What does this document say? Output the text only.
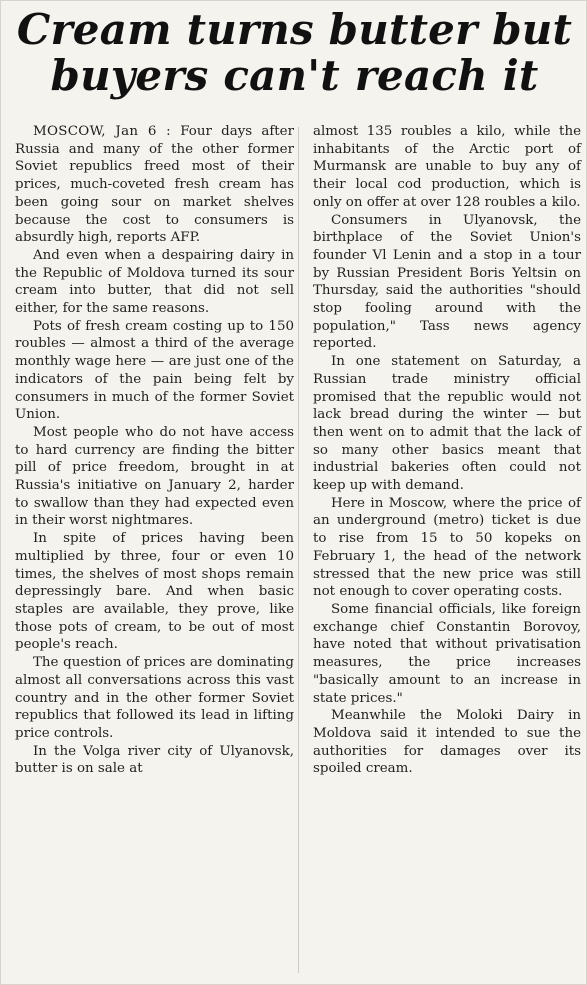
Cream turns butter but
buyers can't reach it

MOSCOW, Jan 6 : Four days after Russia and many of the other former Soviet republics freed most of their prices, much-coveted fresh cream has been going sour on market shelves because the cost to consumers is absurdly high, reports AFP.

And even when a despairing dairy in the Republic of Moldova turned its sour cream into butter, that did not sell either, for the same reasons.

Pots of fresh cream costing up to 150 roubles — almost a third of the average monthly wage here — are just one of the indicators of the pain being felt by consumers in much of the former Soviet Union.

Most people who do not have access to hard currency are finding the bitter pill of price freedom, brought in at Russia's initiative on January 2, harder to swallow than they had expected even in their worst nightmares.

In spite of prices having been multiplied by three, four or even 10 times, the shelves of most shops remain depressingly bare. And when basic staples are available, they prove, like those pots of cream, to be out of most people's reach.

The question of prices are dominating almost all conversations across this vast country and in the other former Soviet republics that followed its lead in lifting price controls.

In the Volga river city of Ulyanovsk, butter is on sale at

almost 135 roubles a kilo, while the inhabitants of the Arctic port of Murmansk are unable to buy any of their local cod production, which is only on offer at over 128 roubles a kilo.

Consumers in Ulyanovsk, the birthplace of the Soviet Union's founder Vl Lenin and a stop in a tour by Russian President Boris Yeltsin on Thursday, said the authorities "should stop fooling around with the population," Tass news agency reported.

In one statement on Saturday, a Russian trade ministry official promised that the republic would not lack bread during the winter — but then went on to admit that the lack of so many other basics meant that industrial bakeries often could not keep up with demand.

Here in Moscow, where the price of an underground (metro) ticket is due to rise from 15 to 50 kopeks on February 1, the head of the network stressed that the new price was still not enough to cover operating costs.

Some financial officials, like foreign exchange chief Constantin Borovoy, have noted that without privatisation measures, the price increases "basically amount to an increase in state prices."

Meanwhile the Moloki Dairy in Moldova said it intended to sue the authorities for damages over its spoiled cream.
